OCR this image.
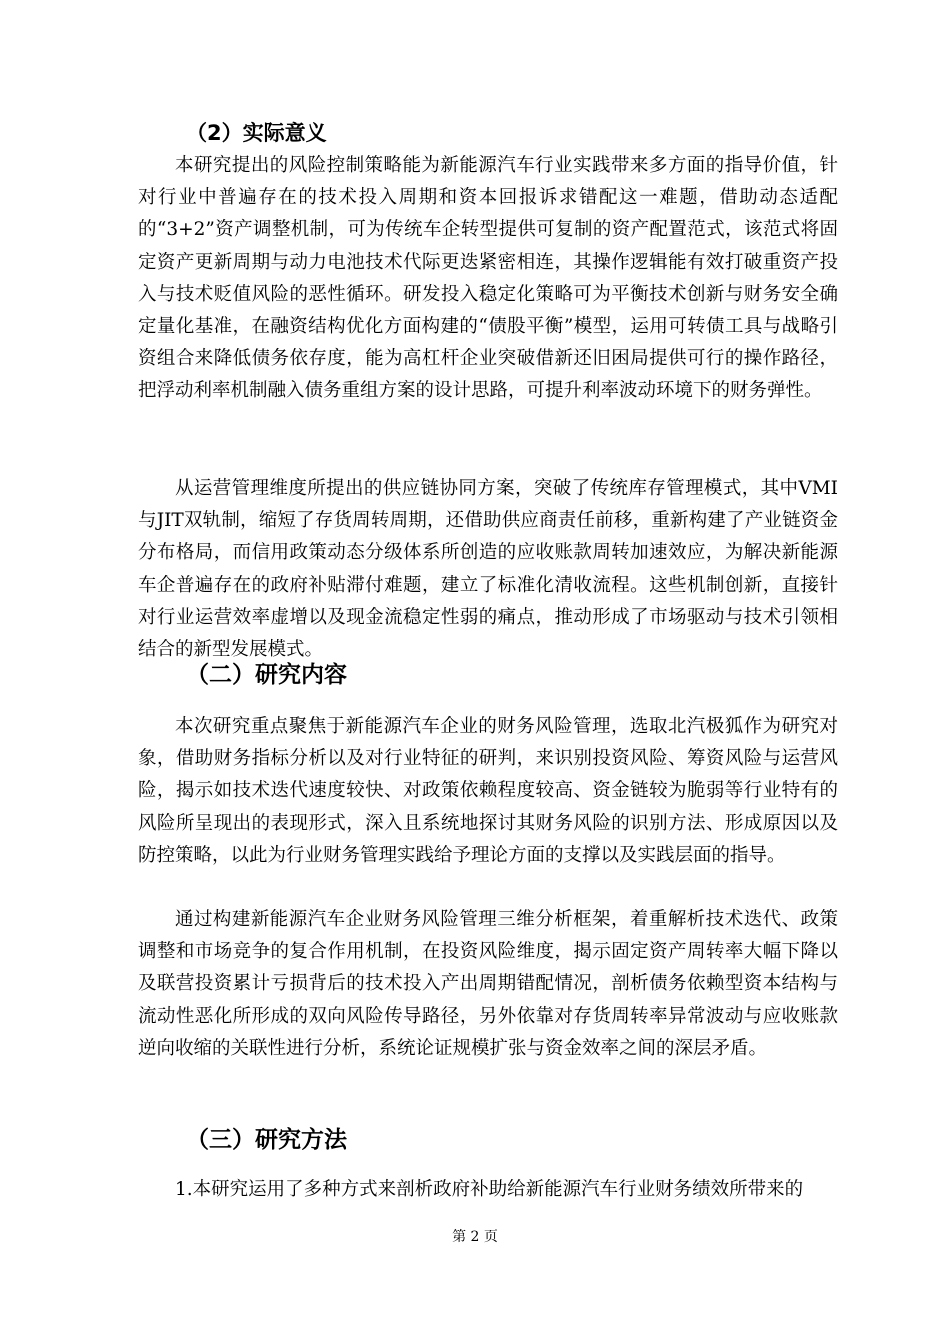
（2）实际意义

本研究提出的风险控制策略能为新能源汽车行业实践带来多方面的指导价值，针对行业中普遍存在的技术投入周期和资本回报诉求错配这一难题，借助动态适配的“3+2”资产调整机制，可为传统车企转型提供可复制的资产配置范式，该范式将固定资产更新周期与动力电池技术代际更迭紧密相连，其操作逻辑能有效打破重资产投入与技术贬值风险的恶性循环。研发投入稳定化策略可为平衡技术创新与财务安全确定量化基准，在融资结构优化方面构建的“债股平衡”模型，运用可转债工具与战略引资组合来降低债务依存度，能为高杠杆企业突破借新还旧困局提供可行的操作路径，把浮动利率机制融入债务重组方案的设计思路，可提升利率波动环境下的财务弹性。

从运营管理维度所提出的供应链协同方案，突破了传统库存管理模式，其中VMI与JIT双轨制，缩短了存货周转周期，还借助供应商责任前移，重新构建了产业链资金分布格局，而信用政策动态分级体系所创造的应收账款周转加速效应，为解决新能源车企普遍存在的政府补贴滞付难题，建立了标准化清收流程。这些机制创新，直接针对行业运营效率虚增以及现金流稳定性弱的痛点，推动形成了市场驱动与技术引领相结合的新型发展模式。

（二）研究内容

本次研究重点聚焦于新能源汽车企业的财务风险管理，选取北汽极狐作为研究对象，借助财务指标分析以及对行业特征的研判，来识别投资风险、筹资风险与运营风险，揭示如技术迭代速度较快、对政策依赖程度较高、资金链较为脆弱等行业特有的风险所呈现出的表现形式，深入且系统地探讨其财务风险的识别方法、形成原因以及防控策略，以此为行业财务管理实践给予理论方面的支撑以及实践层面的指导。

通过构建新能源汽车企业财务风险管理三维分析框架，着重解析技术迭代、政策调整和市场竞争的复合作用机制，在投资风险维度，揭示固定资产周转率大幅下降以及联营投资累计亏损背后的技术投入产出周期错配情况，剖析债务依赖型资本结构与流动性恶化所形成的双向风险传导路径，另外依靠对存货周转率异常波动与应收账款逆向收缩的关联性进行分析，系统论证规模扩张与资金效率之间的深层矛盾。

（三）研究方法

1.本研究运用了多种方式来剖析政府补助给新能源汽车行业财务绩效所带来的

第 2 页
